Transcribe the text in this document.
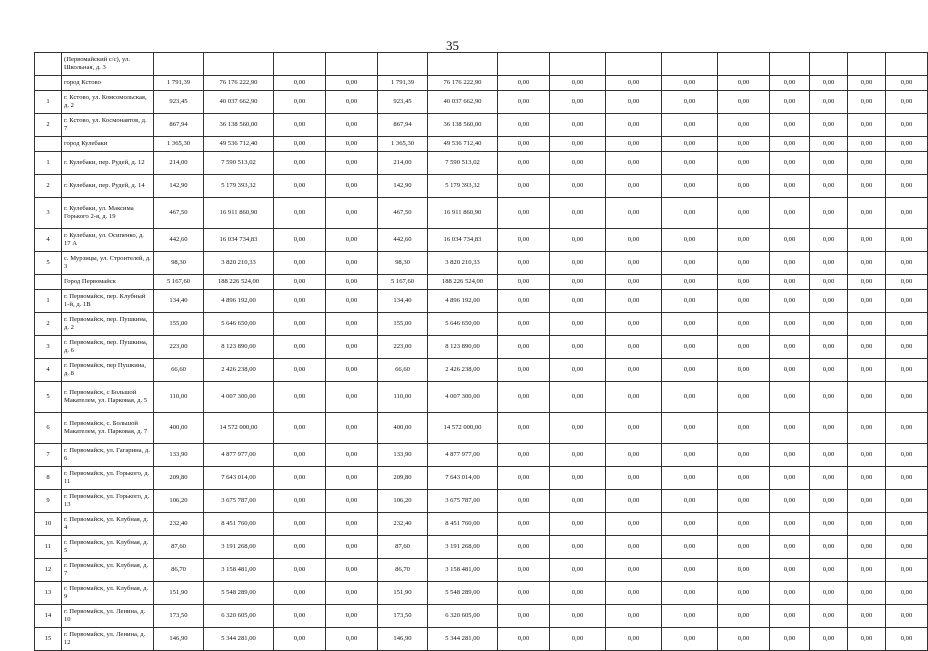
35
	(Первомайский с/с), ул. Школьная, д. 3															
	город Кстово	1 791,39	76 176 222,90	0,00	0,00	1 791,39	76 176 222,90	0,00	0,00	0,00	0,00	0,00	0,00	0,00	0,00	0,00
1	г. Кстово, ул. Комсомольская, д. 2	923,45	40 037 662,90	0,00	0,00	923,45	40 037 662,90	0,00	0,00	0,00	0,00	0,00	0,00	0,00	0,00	0,00
2	г. Кстово, ул. Космонавтов, д. 7	867,94	36 138 560,00	0,00	0,00	867,94	36 138 560,00	0,00	0,00	0,00	0,00	0,00	0,00	0,00	0,00	0,00
	город Кулебаки	1 365,30	49 536 712,40	0,00	0,00	1 365,30	49 536 712,40	0,00	0,00	0,00	0,00	0,00	0,00	0,00	0,00	0,00
1	г. Кулебаки, пер. Рудей, д. 12	214,00	7 590 513,02	0,00	0,00	214,00	7 590 513,02	0,00	0,00	0,00	0,00	0,00	0,00	0,00	0,00	0,00
2	г. Кулебаки, пер. Рудей, д. 14	142,90	5 179 393,32	0,00	0,00	142,90	5 179 393,32	0,00	0,00	0,00	0,00	0,00	0,00	0,00	0,00	0,00
3	г. Кулебаки, ул. Максима Горького 2-я, д. 19	467,50	16 911 860,90	0,00	0,00	467,50	16 911 860,90	0,00	0,00	0,00	0,00	0,00	0,00	0,00	0,00	0,00
4	г. Кулебаки, ул. Осипенко, д. 17 А	442,60	16 034 734,83	0,00	0,00	442,60	16 034 734,83	0,00	0,00	0,00	0,00	0,00	0,00	0,00	0,00	0,00
5	с. Мурзицы, ул. Строителей, д. 3	98,30	3 820 210,33	0,00	0,00	98,30	3 820 210,33	0,00	0,00	0,00	0,00	0,00	0,00	0,00	0,00	0,00
	Город Первомайск	5 167,60	188 226 524,00	0,00	0,00	5 167,60	188 226 524,00	0,00	0,00	0,00	0,00	0,00	0,00	0,00	0,00	0,00
1	г. Первомайск, пер. Клубный 1-й, д. 1В	134,40	4 896 192,00	0,00	0,00	134,40	4 896 192,00	0,00	0,00	0,00	0,00	0,00	0,00	0,00	0,00	0,00
2	г. Первомайск, пер. Пушкина, д. 2	155,00	5 646 650,00	0,00	0,00	155,00	5 646 650,00	0,00	0,00	0,00	0,00	0,00	0,00	0,00	0,00	0,00
3	г. Первомайск, пер. Пушкина, д. 6	223,00	8 123 890,00	0,00	0,00	223,00	8 123 890,00	0,00	0,00	0,00	0,00	0,00	0,00	0,00	0,00	0,00
4	г. Первомайск, пер Пушкина, д. 8	66,60	2 426 238,00	0,00	0,00	66,60	2 426 238,00	0,00	0,00	0,00	0,00	0,00	0,00	0,00	0,00	0,00
5	г. Первомайск, с Большой Макателем, ул. Парковая, д. 5	110,00	4 007 300,00	0,00	0,00	110,00	4 007 300,00	0,00	0,00	0,00	0,00	0,00	0,00	0,00	0,00	0,00
6	г. Первомайск, с. Большой Макателем, ул. Парковая, д. 7	400,00	14 572 000,00	0,00	0,00	400,00	14 572 000,00	0,00	0,00	0,00	0,00	0,00	0,00	0,00	0,00	0,00
7	г. Первомайск, ул. Гагарина, д. 6	133,90	4 877 977,00	0,00	0,00	133,90	4 877 977,00	0,00	0,00	0,00	0,00	0,00	0,00	0,00	0,00	0,00
8	г. Первомайск, ул. Горького, д. 11	209,80	7 643 014,00	0,00	0,00	209,80	7 643 014,00	0,00	0,00	0,00	0,00	0,00	0,00	0,00	0,00	0,00
9	г. Первомайск, ул. Горького, д. 13	106,20	3 675 787,00	0,00	0,00	106,20	3 675 787,00	0,00	0,00	0,00	0,00	0,00	0,00	0,00	0,00	0,00
10	г. Первомайск, ул. Клубная, д. 4	232,40	8 451 760,00	0,00	0,00	232,40	8 451 760,00	0,00	0,00	0,00	0,00	0,00	0,00	0,00	0,00	0,00
11	г. Первомайск, ул. Клубная, д. 5	87,60	3 191 268,00	0,00	0,00	87,60	3 191 268,00	0,00	0,00	0,00	0,00	0,00	0,00	0,00	0,00	0,00
12	г. Первомайск, ул. Клубная, д. 7	86,70	3 158 481,00	0,00	0,00	86,70	3 158 481,00	0,00	0,00	0,00	0,00	0,00	0,00	0,00	0,00	0,00
13	г. Первомайск, ул. Клубная, д. 9	151,90	5 548 289,00	0,00	0,00	151,90	5 548 289,00	0,00	0,00	0,00	0,00	0,00	0,00	0,00	0,00	0,00
14	г. Первомайск, ул. Ленина, д. 10	173,50	6 320 605,00	0,00	0,00	173,50	6 320 605,00	0,00	0,00	0,00	0,00	0,00	0,00	0,00	0,00	0,00
15	г. Первомайск, ул. Ленина, д. 12	146,90	5 344 281,00	0,00	0,00	146,90	5 344 281,00	0,00	0,00	0,00	0,00	0,00	0,00	0,00	0,00	0,00
